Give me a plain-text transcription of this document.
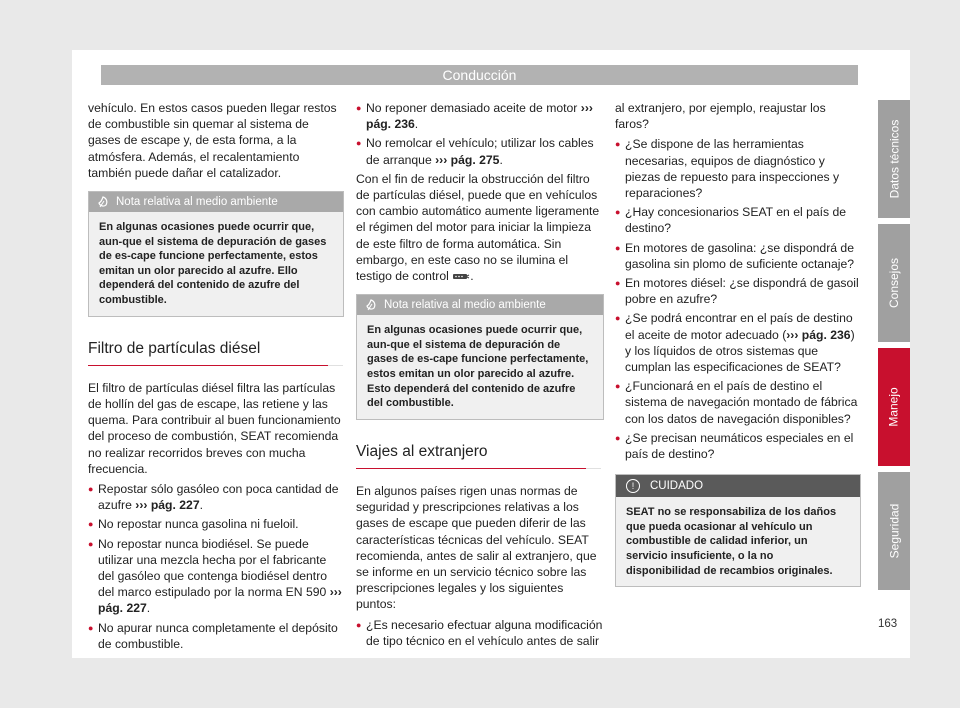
Conducción

vehículo. En estos casos pueden llegar restos de combustible sin quemar al sistema de gases de escape y, de esta forma, a la atmósfera. Además, el recalentamiento también puede dañar el catalizador.

Nota relativa al medio ambiente
En algunas ocasiones puede ocurrir que, aun-que el sistema de depuración de gases de es-cape funcione perfectamente, estos emitan un olor parecido al azufre. Ello dependerá del contenido de azufre del combustible.
Filtro de partículas diésel

El filtro de partículas diésel filtra las partículas de hollín del gas de escape, las retiene y las quema. Para contribuir al buen funcionamiento del proceso de combustión, SEAT recomienda no realizar recorridos breves con mucha frecuencia.

● Repostar sólo gasóleo con poca cantidad de azufre ››› pág. 227.
● No repostar nunca gasolina ni fueloil.
● No repostar nunca biodiésel. Se puede utilizar una mezcla hecha por el fabricante del gasóleo que contenga biodiésel dentro del marco estipulado por la norma EN 590 ››› pág. 227.
● No apurar nunca completamente el depósito de combustible.
● No reponer demasiado aceite de motor ››› pág. 236.
● No remolcar el vehículo; utilizar los cables de arranque ››› pág. 275.

Con el fin de reducir la obstrucción del filtro de partículas diésel, puede que en vehículos con cambio automático aumente ligeramente el régimen del motor para iniciar la limpieza de este filtro de forma automática. Sin embargo, en este caso no se ilumina el testigo de control .

Nota relativa al medio ambiente
En algunas ocasiones puede ocurrir que, aun-que el sistema de depuración de gases de es-cape funcione perfectamente, estos emitan un olor parecido al azufre. Esto dependerá del contenido de azufre del combustible.
Viajes al extranjero

En algunos países rigen unas normas de seguridad y prescripciones relativas a los gases de escape que pueden diferir de las características técnicas del vehículo. SEAT recomienda, antes de salir al extranjero, que se informe en un servicio técnico sobre las prescripciones legales y los siguientes puntos:

● ¿Es necesario efectuar alguna modificación de tipo técnico en el vehículo antes de salir

al extranjero, por ejemplo, reajustar los faros?

● ¿Se dispone de las herramientas necesarias, equipos de diagnóstico y piezas de repuesto para inspecciones y reparaciones?
● ¿Hay concesionarios SEAT en el país de destino?
● En motores de gasolina: ¿se dispondrá de gasolina sin plomo de suficiente octanaje?
● En motores diésel: ¿se dispondrá de gasoil pobre en azufre?
● ¿Se podrá encontrar en el país de destino el aceite de motor adecuado (››› pág. 236) y los líquidos de otros sistemas que cumplan las especificaciones de SEAT?
● ¿Funcionará en el país de destino el sistema de navegación montado de fábrica con los datos de navegación disponibles?
● ¿Se precisan neumáticos especiales en el país de destino?
!	CUIDADO
SEAT no se responsabiliza de los daños que pueda ocasionar al vehículo un combustible de calidad inferior, un servicio insuficiente, o la no disponibilidad de recambios originales.
Datos técnicos
Consejos
Manejo
Seguridad
163
